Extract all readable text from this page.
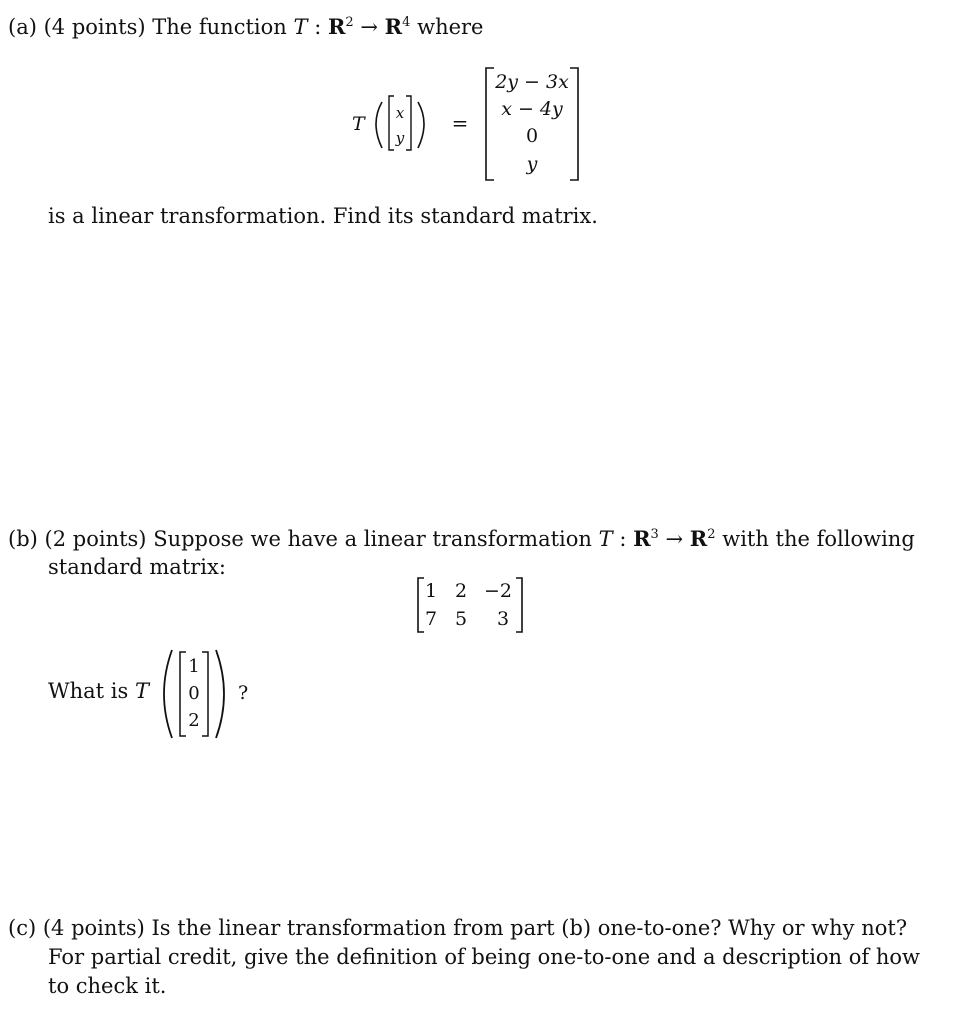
(a) (4 points) The function T : $R^2 \to R^4$ where
T x
y
=
2y − 3x
x − 4y
0
y
is a linear transformation. Find its standard matrix.
(b) (2 points) Suppose we have a linear transformation T : $R^3 \to R^2$ with the following
standard matrix:
1 2 −2
7 5 3
What is T
1
0
2
?
(c) (4 points) Is the linear transformation from part (b) one-to-one? Why or why not?
For partial credit, give the definition of being one-to-one and a description of how
to check it.
